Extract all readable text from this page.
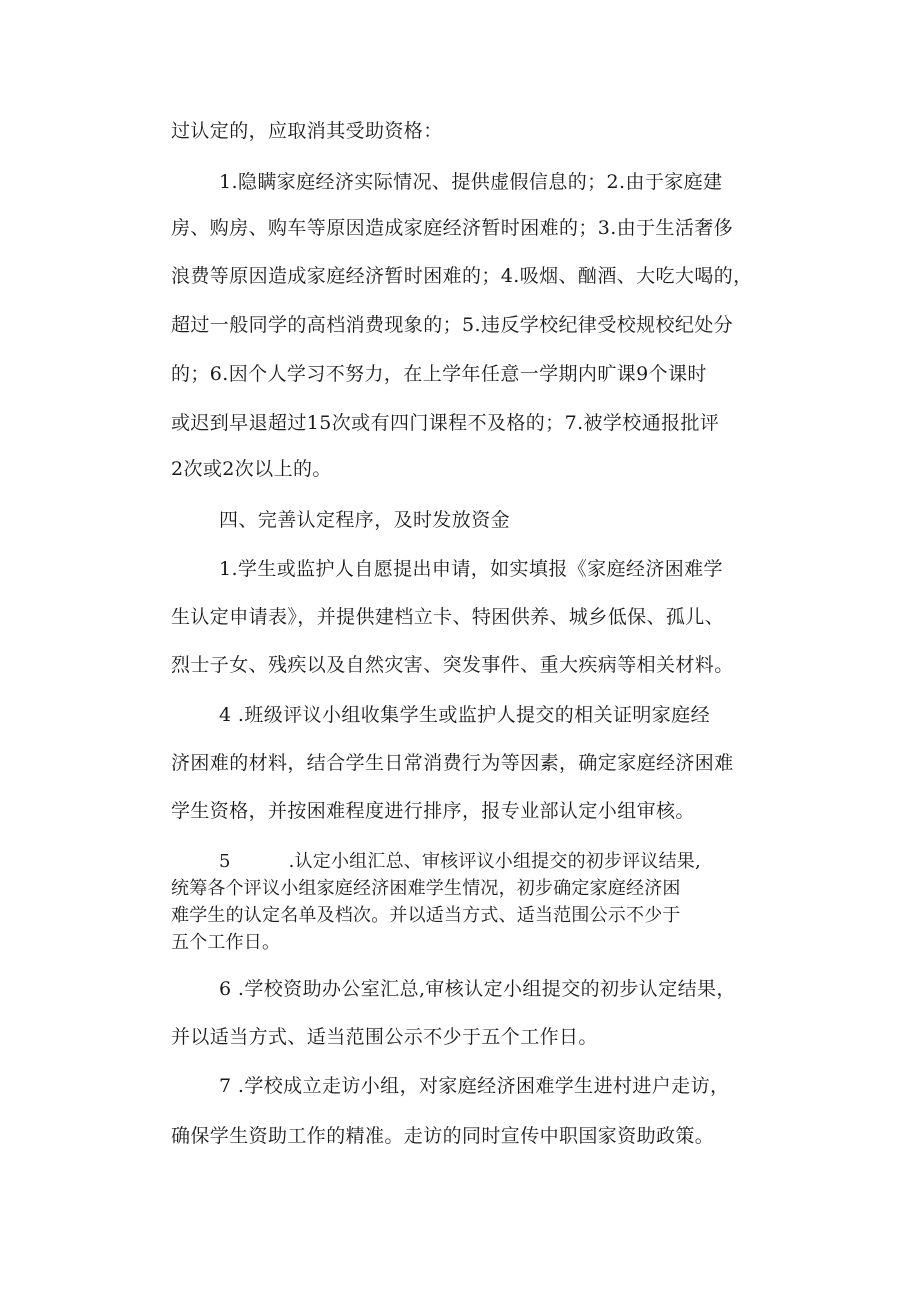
过认定的，应取消其受助资格：
1.隐瞒家庭经济实际情况、提供虚假信息的；2.由于家庭建
房、购房、购车等原因造成家庭经济暂时困难的；3.由于生活奢侈
浪费等原因造成家庭经济暂时困难的；4.吸烟、酗酒、大吃大喝的，
超过一般同学的高档消费现象的；5.违反学校纪律受校规校纪处分
的；6.因个人学习不努力，在上学年任意一学期内旷课9个课时
或迟到早退超过15次或有四门课程不及格的；7.被学校通报批评
2次或2次以上的。
四、完善认定程序，及时发放资金
1.学生或监护人自愿提出申请，如实填报《家庭经济困难学
生认定申请表》，并提供建档立卡、特困供养、城乡低保、孤儿、
烈士子女、残疾以及自然灾害、突发事件、重大疾病等相关材料。
4 .班级评议小组收集学生或监护人提交的相关证明家庭经
济困难的材料，结合学生日常消费行为等因素，确定家庭经济困难
学生资格，并按困难程度进行排序，报专业部认定小组审核。
5	.认定小组汇总、审核评议小组提交的初步评议结果,
统筹各个评议小组家庭经济困难学生情况，初步确定家庭经济困
难学生的认定名单及档次。并以适当方式、适当范围公示不少于
五个工作日。
6 .学校资助办公室汇总,审核认定小组提交的初步认定结果，
并以适当方式、适当范围公示不少于五个工作日。
7 .学校成立走访小组，对家庭经济困难学生进村进户走访，
确保学生资助工作的精准。走访的同时宣传中职国家资助政策。
